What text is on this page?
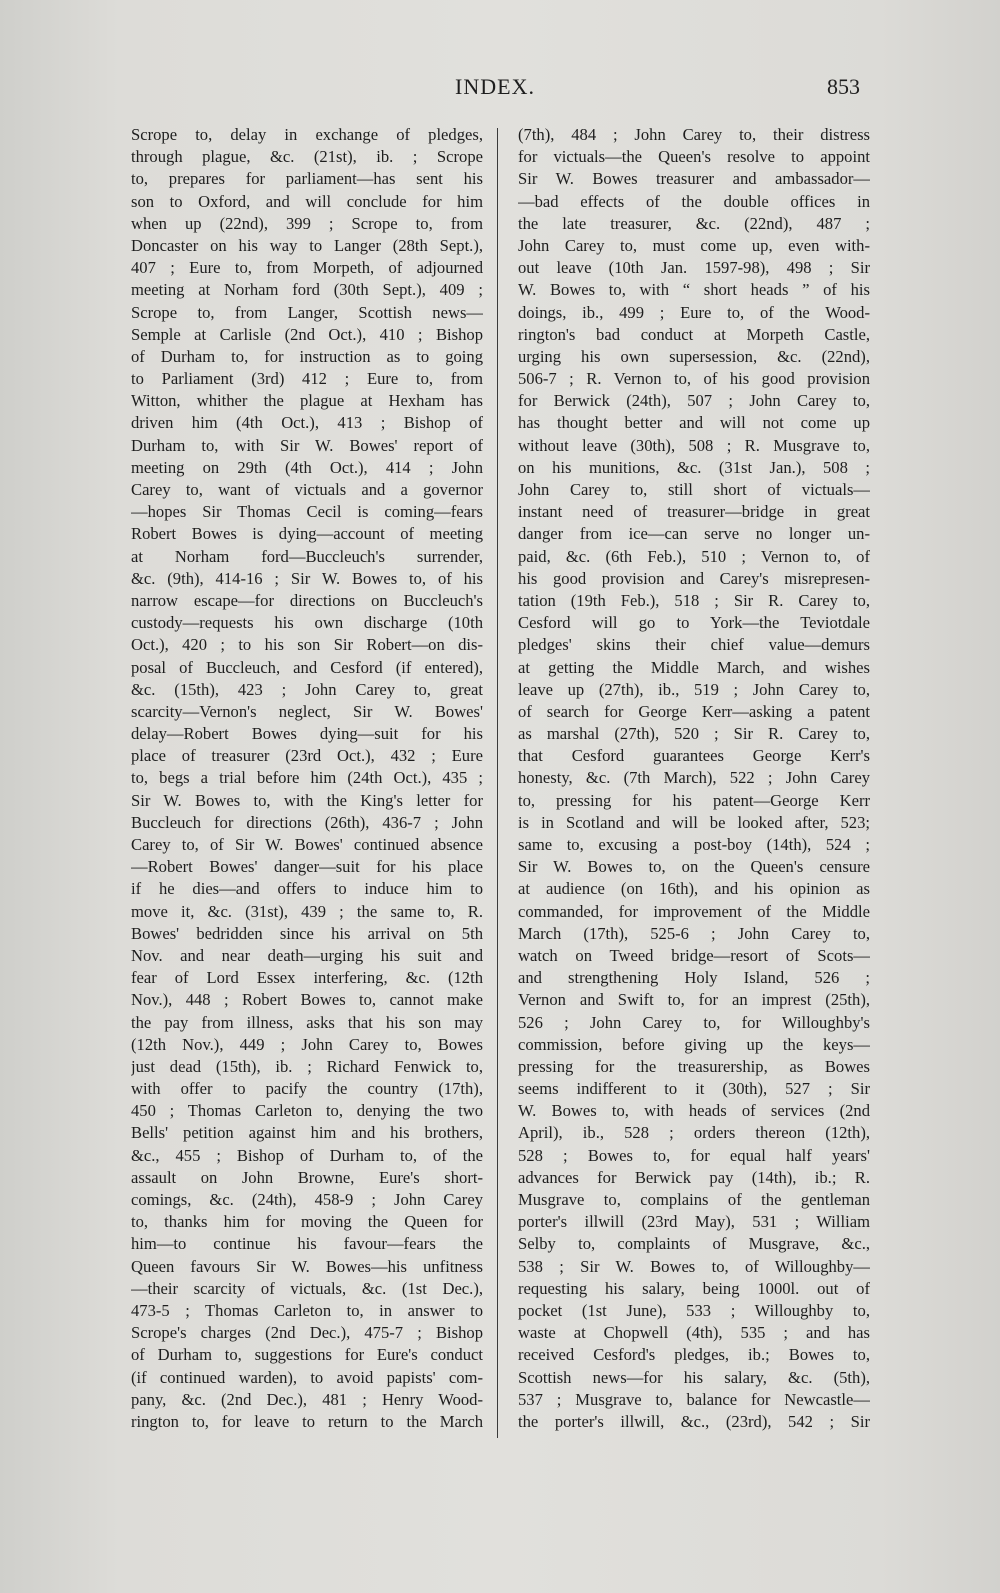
INDEX.	853
Scrope to, delay in exchange of pledges,
through plague, &c. (21st), ib. ; Scrope
to, prepares for parliament—has sent his
son to Oxford, and will conclude for him
when up (22nd), 399 ; Scrope to, from
Doncaster on his way to Langer (28th Sept.),
407 ; Eure to, from Morpeth, of adjourned
meeting at Norham ford (30th Sept.), 409 ;
Scrope to, from Langer, Scottish news—
Semple at Carlisle (2nd Oct.), 410 ; Bishop
of Durham to, for instruction as to going
to Parliament (3rd) 412 ; Eure to, from
Witton, whither the plague at Hexham has
driven him (4th Oct.), 413 ; Bishop of
Durham to, with Sir W. Bowes' report of
meeting on 29th (4th Oct.), 414 ; John
Carey to, want of victuals and a governor
—hopes Sir Thomas Cecil is coming—fears
Robert Bowes is dying—account of meeting
at Norham ford—Buccleuch's surrender,
&c. (9th), 414-16 ; Sir W. Bowes to, of his
narrow escape—for directions on Buccleuch's
custody—requests his own discharge (10th
Oct.), 420 ; to his son Sir Robert—on dis-
posal of Buccleuch, and Cesford (if entered),
&c. (15th), 423 ; John Carey to, great
scarcity—Vernon's neglect, Sir W. Bowes'
delay—Robert Bowes dying—suit for his
place of treasurer (23rd Oct.), 432 ; Eure
to, begs a trial before him (24th Oct.), 435 ;
Sir W. Bowes to, with the King's letter for
Buccleuch for directions (26th), 436-7 ; John
Carey to, of Sir W. Bowes' continued absence
—Robert Bowes' danger—suit for his place
if he dies—and offers to induce him to
move it, &c. (31st), 439 ; the same to, R.
Bowes' bedridden since his arrival on 5th
Nov. and near death—urging his suit and
fear of Lord Essex interfering, &c. (12th
Nov.), 448 ; Robert Bowes to, cannot make
the pay from illness, asks that his son may
(12th Nov.), 449 ; John Carey to, Bowes
just dead (15th), ib. ; Richard Fenwick to,
with offer to pacify the country (17th),
450 ; Thomas Carleton to, denying the two
Bells' petition against him and his brothers,
&c., 455 ; Bishop of Durham to, of the
assault on John Browne, Eure's short-
comings, &c. (24th), 458-9 ; John Carey
to, thanks him for moving the Queen for
him—to continue his favour—fears the
Queen favours Sir W. Bowes—his unfitness
—their scarcity of victuals, &c. (1st Dec.),
473-5 ; Thomas Carleton to, in answer to
Scrope's charges (2nd Dec.), 475-7 ; Bishop
of Durham to, suggestions for Eure's conduct
(if continued warden), to avoid papists' com-
pany, &c. (2nd Dec.), 481 ; Henry Wood-
rington to, for leave to return to the March
(7th), 484 ; John Carey to, their distress
for victuals—the Queen's resolve to appoint
Sir W. Bowes treasurer and ambassador—
—bad effects of the double offices in
the late treasurer, &c. (22nd), 487 ;
John Carey to, must come up, even with-
out leave (10th Jan. 1597-98), 498 ; Sir
W. Bowes to, with “ short heads ” of his
doings, ib., 499 ; Eure to, of the Wood-
rington's bad conduct at Morpeth Castle,
urging his own supersession, &c. (22nd),
506-7 ; R. Vernon to, of his good provision
for Berwick (24th), 507 ; John Carey to,
has thought better and will not come up
without leave (30th), 508 ; R. Musgrave to,
on his munitions, &c. (31st Jan.), 508 ;
John Carey to, still short of victuals—
instant need of treasurer—bridge in great
danger from ice—can serve no longer un-
paid, &c. (6th Feb.), 510 ; Vernon to, of
his good provision and Carey's misrepresen-
tation (19th Feb.), 518 ; Sir R. Carey to,
Cesford will go to York—the Teviotdale
pledges' skins their chief value—demurs
at getting the Middle March, and wishes
leave up (27th), ib., 519 ; John Carey to,
of search for George Kerr—asking a patent
as marshal (27th), 520 ; Sir R. Carey to,
that Cesford guarantees George Kerr's
honesty, &c. (7th March), 522 ; John Carey
to, pressing for his patent—George Kerr
is in Scotland and will be looked after, 523;
same to, excusing a post-boy (14th), 524 ;
Sir W. Bowes to, on the Queen's censure
at audience (on 16th), and his opinion as
commanded, for improvement of the Middle
March (17th), 525-6 ; John Carey to,
watch on Tweed bridge—resort of Scots—
and strengthening Holy Island, 526 ;
Vernon and Swift to, for an imprest (25th),
526 ; John Carey to, for Willoughby's
commission, before giving up the keys—
pressing for the treasurership, as Bowes
seems indifferent to it (30th), 527 ; Sir
W. Bowes to, with heads of services (2nd
April), ib., 528 ; orders thereon (12th),
528 ; Bowes to, for equal half years'
advances for Berwick pay (14th), ib.; R.
Musgrave to, complains of the gentleman
porter's illwill (23rd May), 531 ; William
Selby to, complaints of Musgrave, &c.,
538 ; Sir W. Bowes to, of Willoughby—
requesting his salary, being 1000l. out of
pocket (1st June), 533 ; Willoughby to,
waste at Chopwell (4th), 535 ; and has
received Cesford's pledges, ib.; Bowes to,
Scottish news—for his salary, &c. (5th),
537 ; Musgrave to, balance for Newcastle—
the porter's illwill, &c., (23rd), 542 ; Sir
